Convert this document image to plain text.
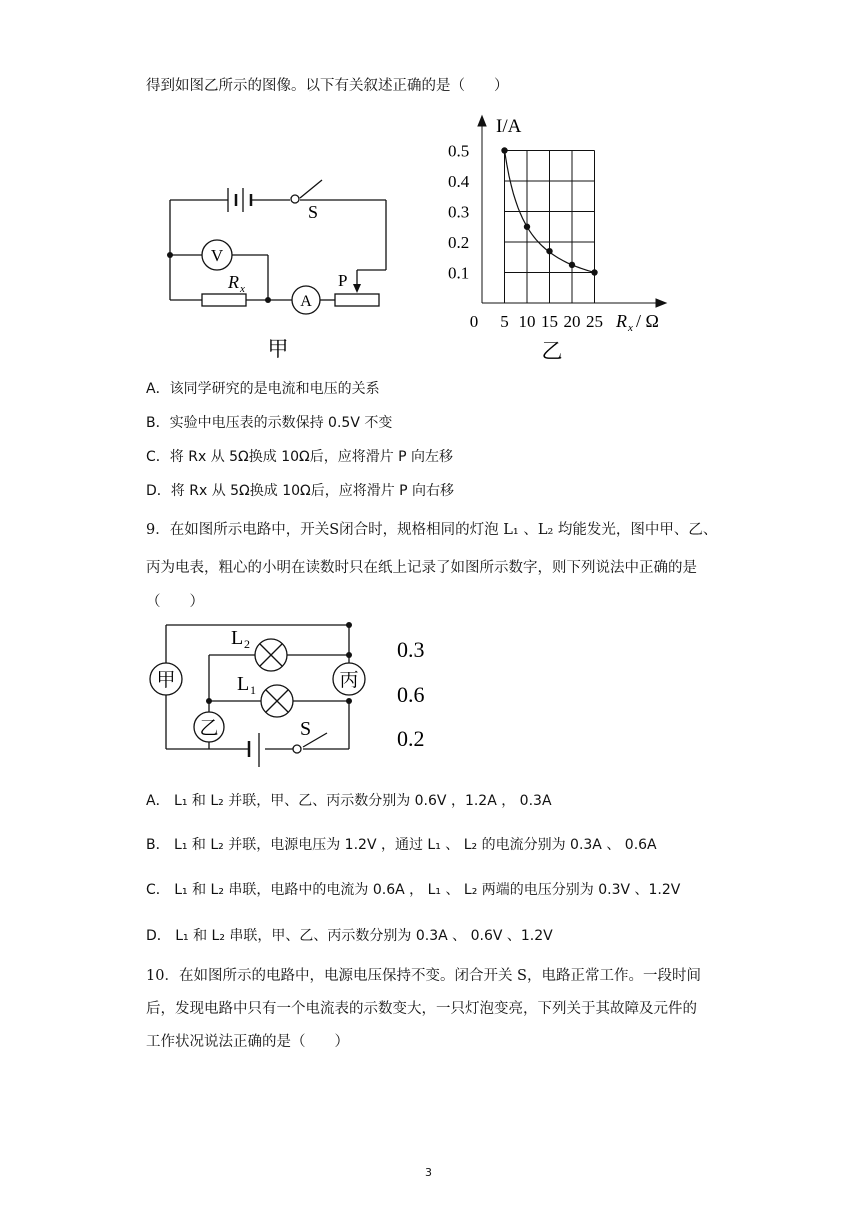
得到如图乙所示的图像。以下有关叙述正确的是（　　）
V
A
S
R x	P
甲
0.5
0.4
0.3
0.2
0.1
0 5 10 15 20 25
I/A
R x / Ω
乙
A．该同学研究的是电流和电压的关系
B．实验中电压表的示数保持 0.5V 不变
C．将 Rx 从 5Ω换成 10Ω后，应将滑片 P 向左移
D．将 Rx 从 5Ω换成 10Ω后，应将滑片 P 向右移
9．在如图所示电路中，开关S闭合时，规格相同的灯泡 L₁ 、L₂ 均能发光，图中甲、乙、
丙为电表，粗心的小明在读数时只在纸上记录了如图所示数字，则下列说法中正确的是
（　　）
甲	丙
乙
L 2
L 1
S
0.3
0.6
0.2
A． L₁ 和 L₂ 并联，甲、乙、丙示数分别为 0.6V ，1.2A ， 0.3A
B． L₁ 和 L₂ 并联，电源电压为 1.2V ，通过 L₁ 、 L₂ 的电流分别为 0.3A 、 0.6A
C． L₁ 和 L₂ 串联，电路中的电流为 0.6A ， L₁ 、 L₂ 两端的电压分别为 0.3V 、1.2V
D． L₁ 和 L₂ 串联，甲、乙、丙示数分别为 0.3A 、 0.6V 、1.2V
10．在如图所示的电路中，电源电压保持不变。闭合开关 S，电路正常工作。一段时间
后，发现电路中只有一个电流表的示数变大，一只灯泡变亮，下列关于其故障及元件的
工作状况说法正确的是（　　）
3
